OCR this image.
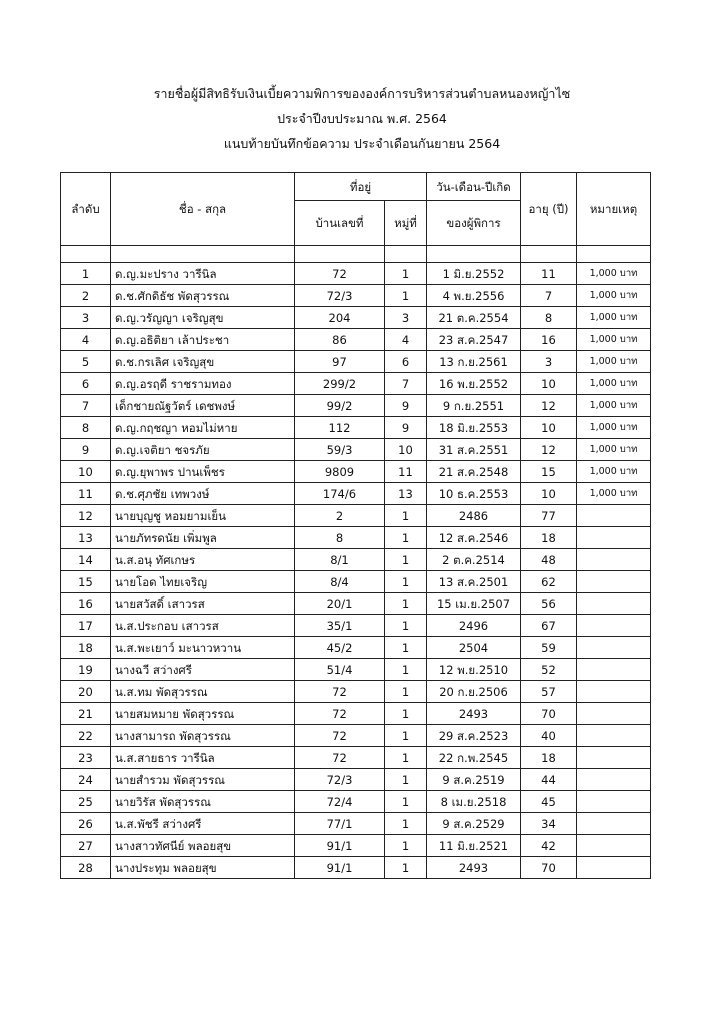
รายชื่อผู้มีสิทธิรับเงินเบี้ยความพิการขององค์การบริหารส่วนตำบลหนองหญ้าไซ
ประจำปีงบประมาณ พ.ศ. 2564
แนบท้ายบันทึกข้อความ ประจำเดือนกันยายน 2564
ลำดับ	ชื่อ - สกุล	ที่อยู่		วัน-เดือน-ปีเกิด	อายุ (ปี)	หมายเหตุ
		บ้านเลขที่	หมู่ที่	ของผู้พิการ		

1	ด.ญ.มะปราง วารีนิล	72	1	1 มิ.ย.2552	11	1,000 บาท
2	ด.ช.ศักดิธัช พัดสุวรรณ	72/3	1	4 พ.ย.2556	7	1,000 บาท
3	ด.ญ.วรัญญา เจริญสุข	204	3	21 ต.ค.2554	8	1,000 บาท
4	ด.ญ.อธิติยา เล้าประชา	86	4	23 ส.ค.2547	16	1,000 บาท
5	ด.ช.กรเลิศ เจริญสุข	97	6	13 ก.ย.2561	3	1,000 บาท
6	ด.ญ.อรฤดี ราชรามทอง	299/2	7	16 พ.ย.2552	10	1,000 บาท
7	เด็กชายณัฐวัตร์ เดชพงษ์	99/2	9	9 ก.ย.2551	12	1,000 บาท
8	ด.ญ.กฤชญา หอมไม่หาย	112	9	18 มิ.ย.2553	10	1,000 บาท
9	ด.ญ.เจติยา ชจรภัย	59/3	10	31 ส.ค.2551	12	1,000 บาท
10	ด.ญ.ยุพาพร ปานเพ็ชร	9809	11	21 ส.ค.2548	15	1,000 บาท
11	ด.ช.ศุภชัย เทพวงษ์	174/6	13	10 ธ.ค.2553	10	1,000 บาท
12	นายบุญชู หอมยามเย็น	2	1	2486	77	
13	นายภัทรดนัย เพิ่มพูล	8	1	12 ส.ค.2546	18	
14	น.ส.อนุ ทัศเกษร	8/1	1	2 ต.ค.2514	48	
15	นายโอด ไทยเจริญ	8/4	1	13 ส.ค.2501	62	
16	นายสวัสดิ์ เสาวรส	20/1	1	15 เม.ย.2507	56	
17	น.ส.ประกอบ เสาวรส	35/1	1	2496	67	
18	น.ส.พะเยาว์ มะนาวหวาน	45/2	1	2504	59	
19	นางฉวี สว่างศรี	51/4	1	12 พ.ย.2510	52	
20	น.ส.ทม พัดสุวรรณ	72	1	20 ก.ย.2506	57	
21	นายสมหมาย พัดสุวรรณ	72	1	2493	70	
22	นางสามารถ พัดสุวรรณ	72	1	29 ส.ค.2523	40	
23	น.ส.สายธาร วารีนิล	72	1	22 ก.พ.2545	18	
24	นายสำรวม พัดสุวรรณ	72/3	1	9 ส.ค.2519	44	
25	นายวิรัส พัดสุวรรณ	72/4	1	8 เม.ย.2518	45	
26	น.ส.พัชรี สว่างศรี	77/1	1	9 ส.ค.2529	34	
27	นางสาวทัศนีย์ พลอยสุข	91/1	1	11 มิ.ย.2521	42	
28	นางประทุม พลอยสุข	91/1	1	2493	70	
